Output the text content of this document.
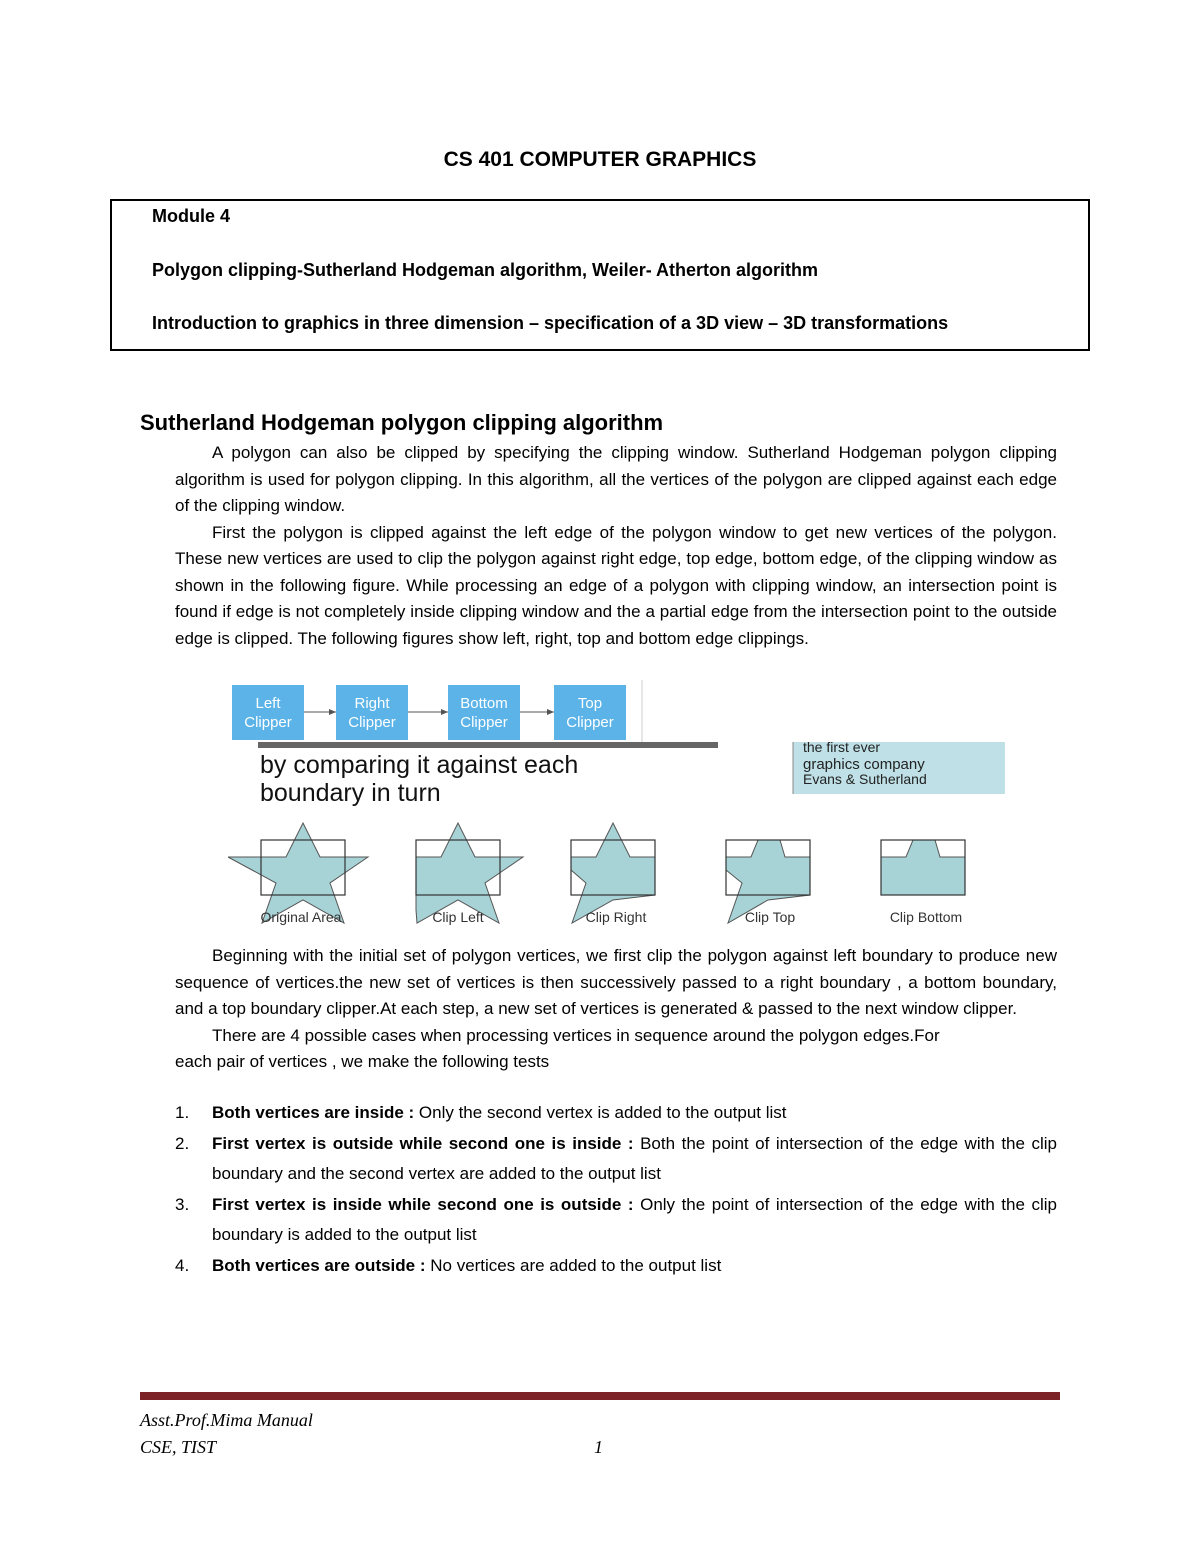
CS 401 COMPUTER GRAPHICS
Module 4
Polygon clipping-Sutherland Hodgeman algorithm, Weiler- Atherton algorithm
Introduction to graphics in three dimension – specification of a 3D view – 3D transformations
Sutherland Hodgeman polygon clipping algorithm

A polygon can also be clipped by specifying the clipping window. Sutherland Hodgeman polygon clipping algorithm is used for polygon clipping. In this algorithm, all the vertices of the polygon are clipped against each edge of the clipping window.

First the polygon is clipped against the left edge of the polygon window to get new vertices of the polygon. These new vertices are used to clip the polygon against right edge, top edge, bottom edge, of the clipping window as shown in the following figure. While processing an edge of a polygon with clipping window, an intersection point is found if edge is not completely inside clipping window and the a partial edge from the intersection point to the outside edge is clipped. The following figures show left, right, top and bottom edge clippings.

Left
Clipper
Right
Clipper
Bottom
Clipper
Top
Clipper
by comparing it against each
boundary in turn
the first ever
graphics company
Evans & Sutherland
Original Area	Clip Left	Clip Right	Clip Top	Clip Bottom

Beginning with the initial set of polygon vertices, we first clip the polygon against left boundary to produce new sequence of vertices.the new set of vertices is then successively passed to a right boundary , a bottom boundary, and a top boundary clipper.At each step, a new set of vertices is generated & passed to the next window clipper.

There are 4 possible cases when processing vertices in sequence around the polygon edges.For

each pair of vertices , we make the following tests

1. Both vertices are inside : Only the second vertex is added to the output list
2. First vertex is outside while second one is inside : Both the point of intersection of the edge with the clip boundary and the second vertex are added to the output list
3. First vertex is inside while second one is outside : Only the point of intersection of the edge with the clip boundary is added to the output list
4. Both vertices are outside : No vertices are added to the output list
Asst.Prof.Mima Manual
CSE, TIST	1
